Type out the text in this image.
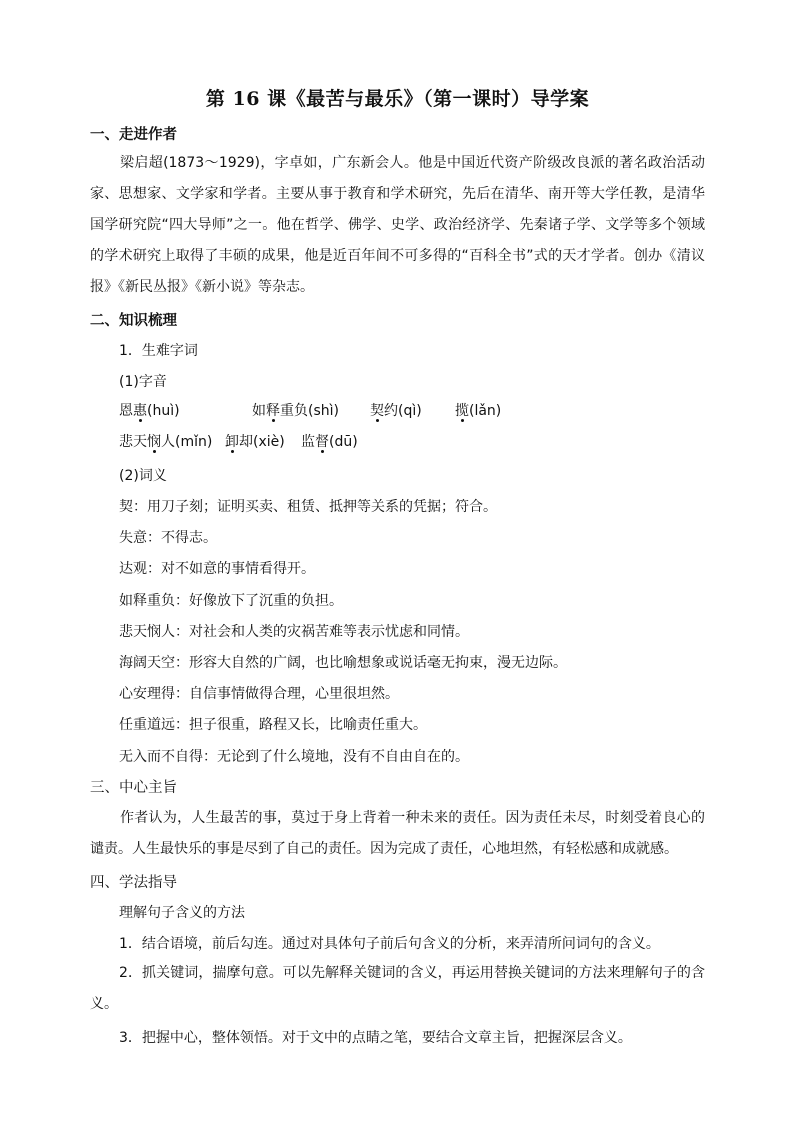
第 16 课《最苦与最乐》（第一课时）导学案
一、走进作者
梁启超(1873～1929)，字卓如，广东新会人。他是中国近代资产阶级改良派的著名政治活动家、思想家、文学家和学者。主要从事于教育和学术研究，先后在清华、南开等大学任教，是清华国学研究院“四大导师”之一。他在哲学、佛学、史学、政治经济学、先秦诸子学、文学等多个领域的学术研究上取得了丰硕的成果，他是近百年间不可多得的“百科全书”式的天才学者。创办《清议报》《新民丛报》《新小说》等杂志。
二、知识梳理
1．生难字词
(1)字音
恩惠(huì)	如释重负(shì) 契约(qì) 揽(lǎn)
悲天悯人(mǐn) 卸却(xiè) 监督(dū)
(2)词义
契：用刀子刻；证明买卖、租赁、抵押等关系的凭据；符合。
失意：不得志。
达观：对不如意的事情看得开。
如释重负：好像放下了沉重的负担。
悲天悯人：对社会和人类的灾祸苦难等表示忧虑和同情。
海阔天空：形容大自然的广阔，也比喻想象或说话毫无拘束，漫无边际。
心安理得：自信事情做得合理，心里很坦然。
任重道远：担子很重，路程又长，比喻责任重大。
无入而不自得：无论到了什么境地，没有不自由自在的。
三、中心主旨
作者认为，人生最苦的事，莫过于身上背着一种未来的责任。因为责任未尽，时刻受着良心的谴责。人生最快乐的事是尽到了自己的责任。因为完成了责任，心地坦然，有轻松感和成就感。
四、学法指导
理解句子含义的方法
1．结合语境，前后勾连。通过对具体句子前后句含义的分析，来弄清所问词句的含义。
2．抓关键词，揣摩句意。可以先解释关键词的含义，再运用替换关键词的方法来理解句子的含义。
3．把握中心，整体领悟。对于文中的点睛之笔，要结合文章主旨，把握深层含义。
